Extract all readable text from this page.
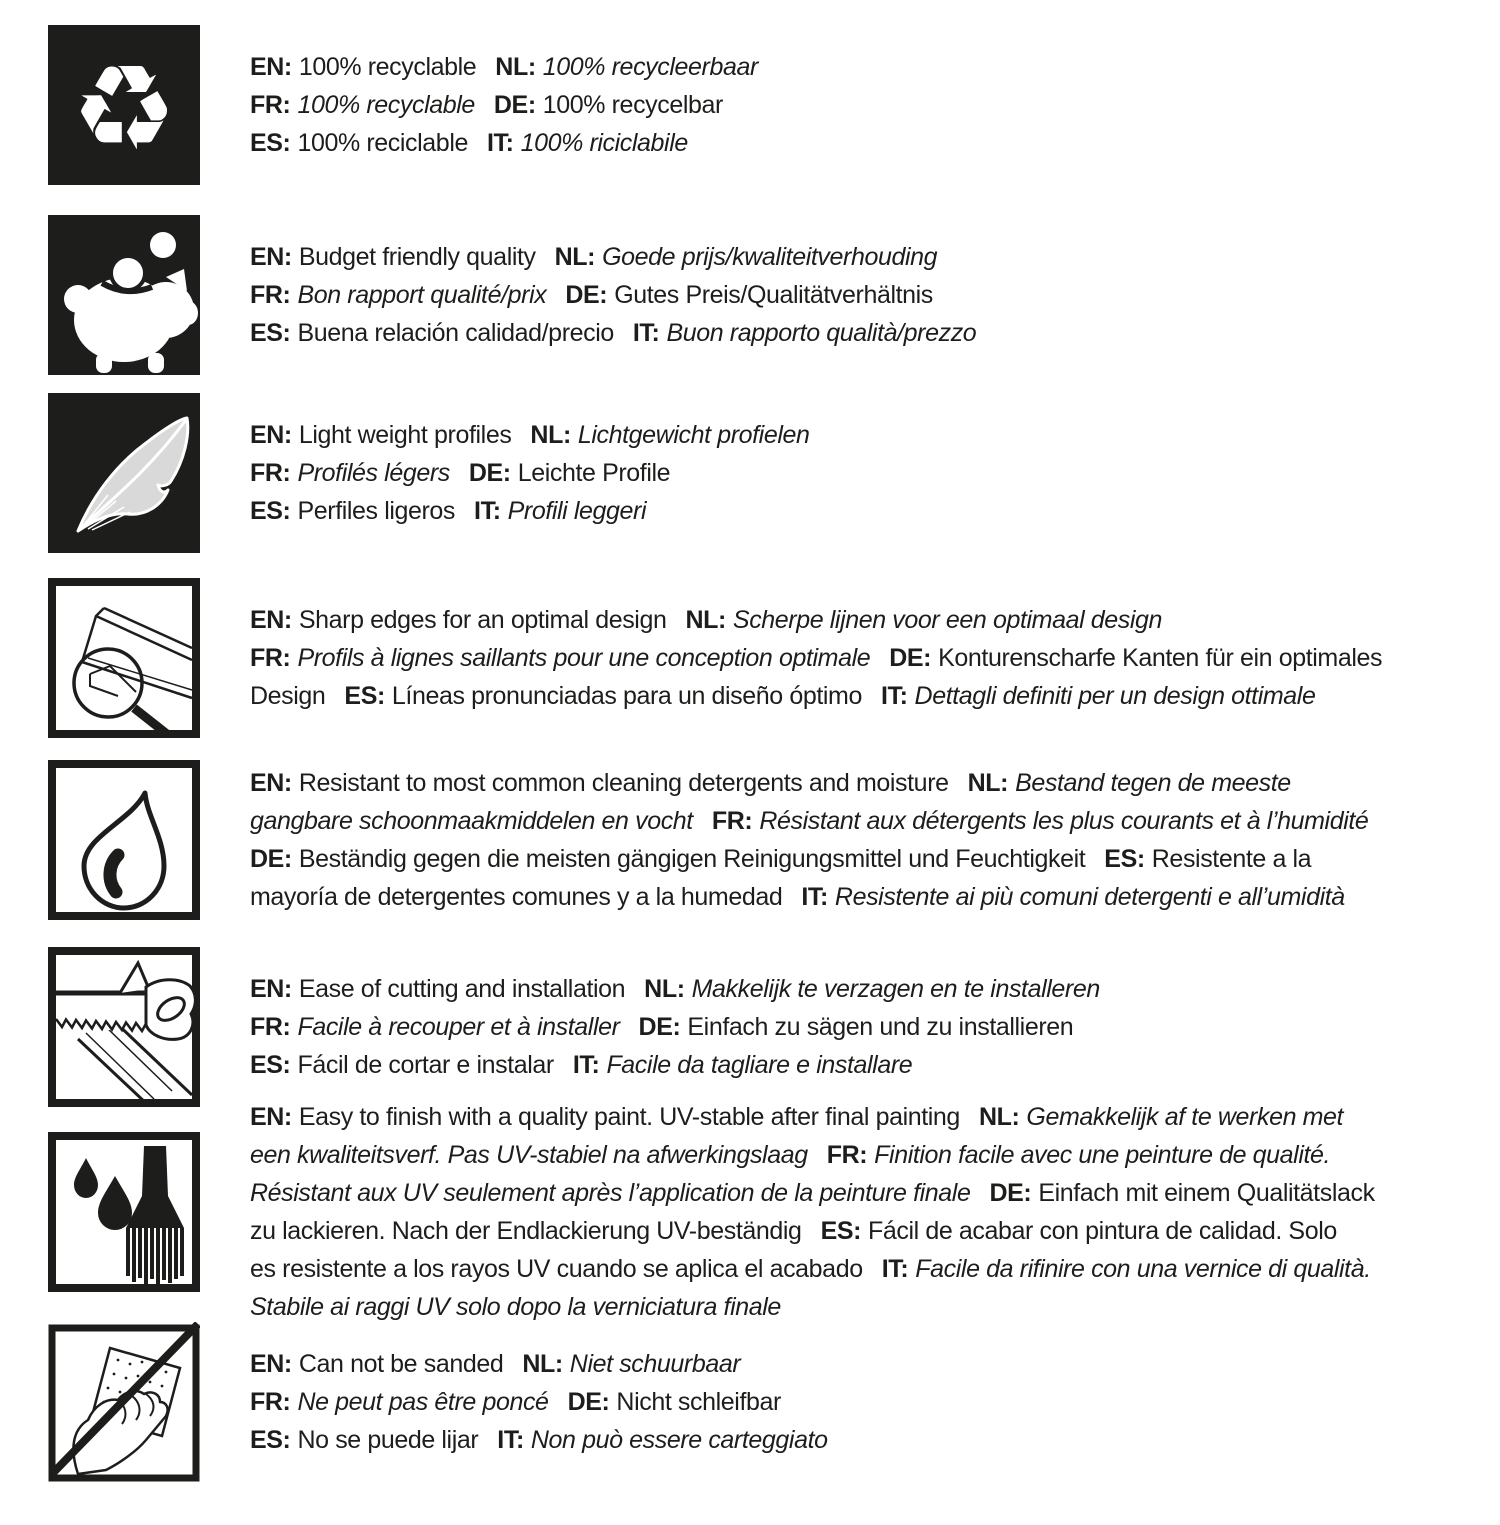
♻	EN: 100% recyclable NL: 100% recycleerbaar
FR: 100% recyclable DE: 100% recycelbar
ES: 100% reciclable IT: 100% riciclabile
EN: Budget friendly quality NL: Goede prijs/kwaliteitverhouding
FR: Bon rapport qualité/prix DE: Gutes Preis/Qualitätverhältnis
ES: Buena relación calidad/precio IT: Buon rapporto qualità/prezzo
EN: Light weight profiles NL: Lichtgewicht profielen
FR: Profilés légers DE: Leichte Profile
ES: Perfiles ligeros IT: Profili leggeri
EN: Sharp edges for an optimal design NL: Scherpe lijnen voor een optimaal design
FR: Profils à lignes saillants pour une conception optimale DE: Konturenscharfe Kanten für ein optimales
Design ES: Líneas pronunciadas para un diseño óptimo IT: Dettagli definiti per un design ottimale
EN: Resistant to most common cleaning detergents and moisture NL: Bestand tegen de meeste
gangbare schoonmaakmiddelen en vocht FR: Résistant aux détergents les plus courants et à l’humidité
DE: Beständig gegen die meisten gängigen Reinigungsmittel und Feuchtigkeit ES: Resistente a la
mayoría de detergentes comunes y a la humedad IT: Resistente ai più comuni detergenti e all’umidità
EN: Ease of cutting and installation NL: Makkelijk te verzagen en te installeren
FR: Facile à recouper et à installer DE: Einfach zu sägen und zu installieren
ES: Fácil de cortar e instalar IT: Facile da tagliare e installare
EN: Easy to finish with a quality paint. UV-stable after final painting NL: Gemakkelijk af te werken met
een kwaliteitsverf. Pas UV-stabiel na afwerkingslaag FR: Finition facile avec une peinture de qualité.
Résistant aux UV seulement après l’application de la peinture finale DE: Einfach mit einem Qualitätslack
zu lackieren. Nach der Endlackierung UV-beständig ES: Fácil de acabar con pintura de calidad. Solo
es resistente a los rayos UV cuando se aplica el acabado IT: Facile da rifinire con una vernice di qualità.
Stabile ai raggi UV solo dopo la verniciatura finale
EN: Can not be sanded NL: Niet schuurbaar
FR: Ne peut pas être poncé DE: Nicht schleifbar
ES: No se puede lijar IT: Non può essere carteggiato
